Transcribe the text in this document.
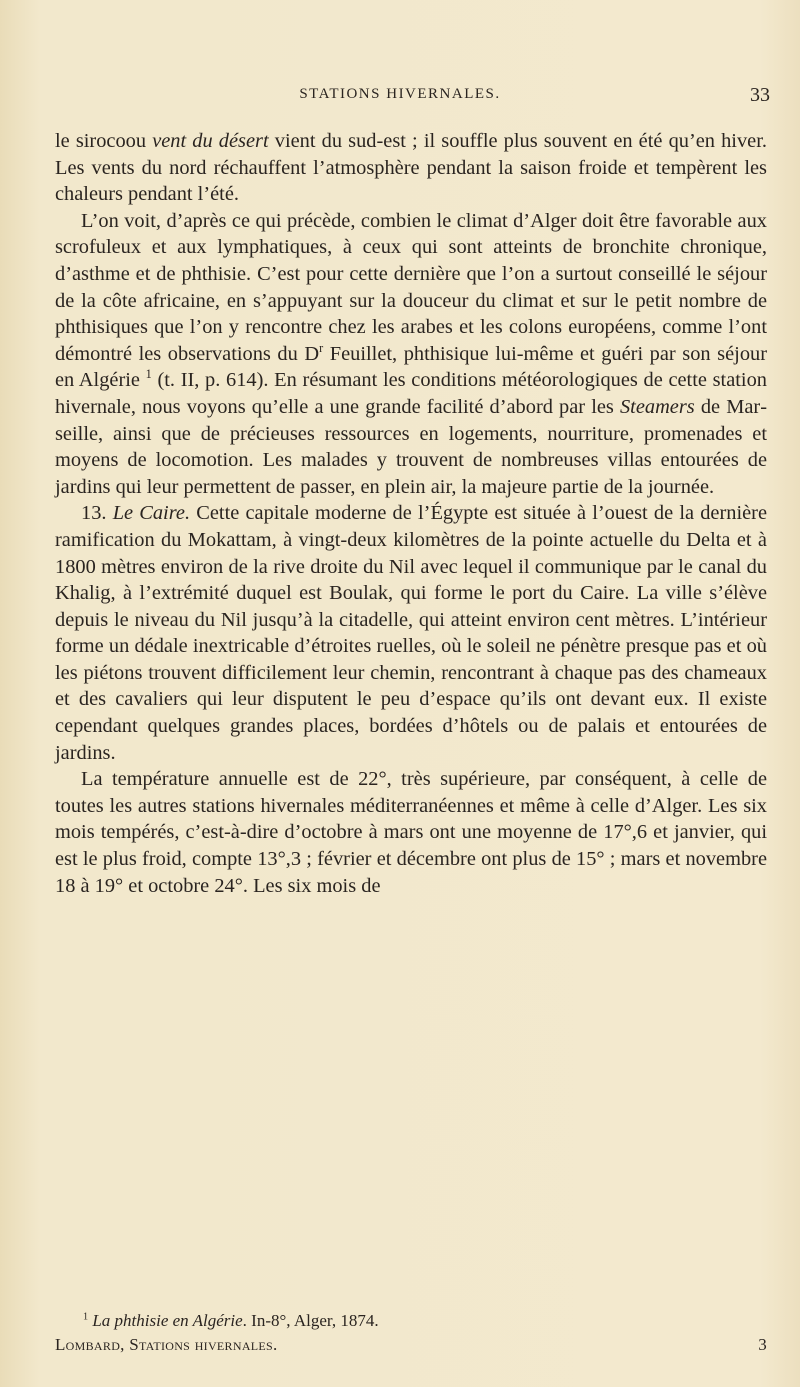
STATIONS HIVERNALES.	33

le sirocoou vent du désert vient du sud-est ; il souffle plus souvent en été qu’en hiver. Les vents du nord réchauffent l’atmosphère pendant la saison froide et tempèrent les chaleurs pendant l’été.

L’on voit, d’après ce qui précède, combien le climat d’Alger doit être favorable aux scrofuleux et aux lymphatiques, à ceux qui sont atteints de bronchite chronique, d’asthme et de phthisie. C’est pour cette dernière que l’on a surtout conseillé le séjour de la côte africaine, en s’appuyant sur la douceur du climat et sur le petit nombre de phthisiques que l’on y rencontre chez les arabes et les colons européens, comme l’ont démontré les observations du $D^r$ Feuillet, phthisique lui-même et guéri par son séjour en Algérie $^1$ (t. II, p. 614). En résumant les conditions météorologiques de cette station hivernale, nous voyons qu’elle a une grande facilité d’abord par les Steamers de Marseille, ainsi que de précieuses ressources en logements, nourriture, promenades et moyens de locomotion. Les malades y trouvent de nombreuses villas entourées de jardins qui leur permettent de passer, en plein air, la majeure partie de la journée.

13. Le Caire. Cette capitale moderne de l’Égypte est située à l’ouest de la dernière ramification du Mokattam, à vingt-deux kilomètres de la pointe actuelle du Delta et à 1800 mètres environ de la rive droite du Nil avec lequel il communique par le canal du Khalig, à l’extrémité duquel est Boulak, qui forme le port du Caire. La ville s’élève depuis le niveau du Nil jusqu’à la citadelle, qui atteint environ cent mètres. L’intérieur forme un dédale inextricable d’étroites ruelles, où le soleil ne pénètre presque pas et où les piétons trouvent difficilement leur chemin, rencontrant à chaque pas des chameaux et des cavaliers qui leur disputent le peu d’espace qu’ils ont devant eux. Il existe cependant quelques grandes places, bordées d’hôtels ou de palais et entourées de jardins.

La température annuelle est de 22°, très supérieure, par conséquent, à celle de toutes les autres stations hivernales méditerranéennes et même à celle d’Alger. Les six mois tempérés, c’est-à-dire d’octobre à mars ont une moyenne de 17°,6 et janvier, qui est le plus froid, compte 13°,3 ; février et décembre ont plus de 15° ; mars et novembre 18 à 19° et octobre 24°. Les six mois de

$^1$ La phthisie en Algérie. In-8°, Alger, 1874.
Lombard, Stations hivernales.	3
